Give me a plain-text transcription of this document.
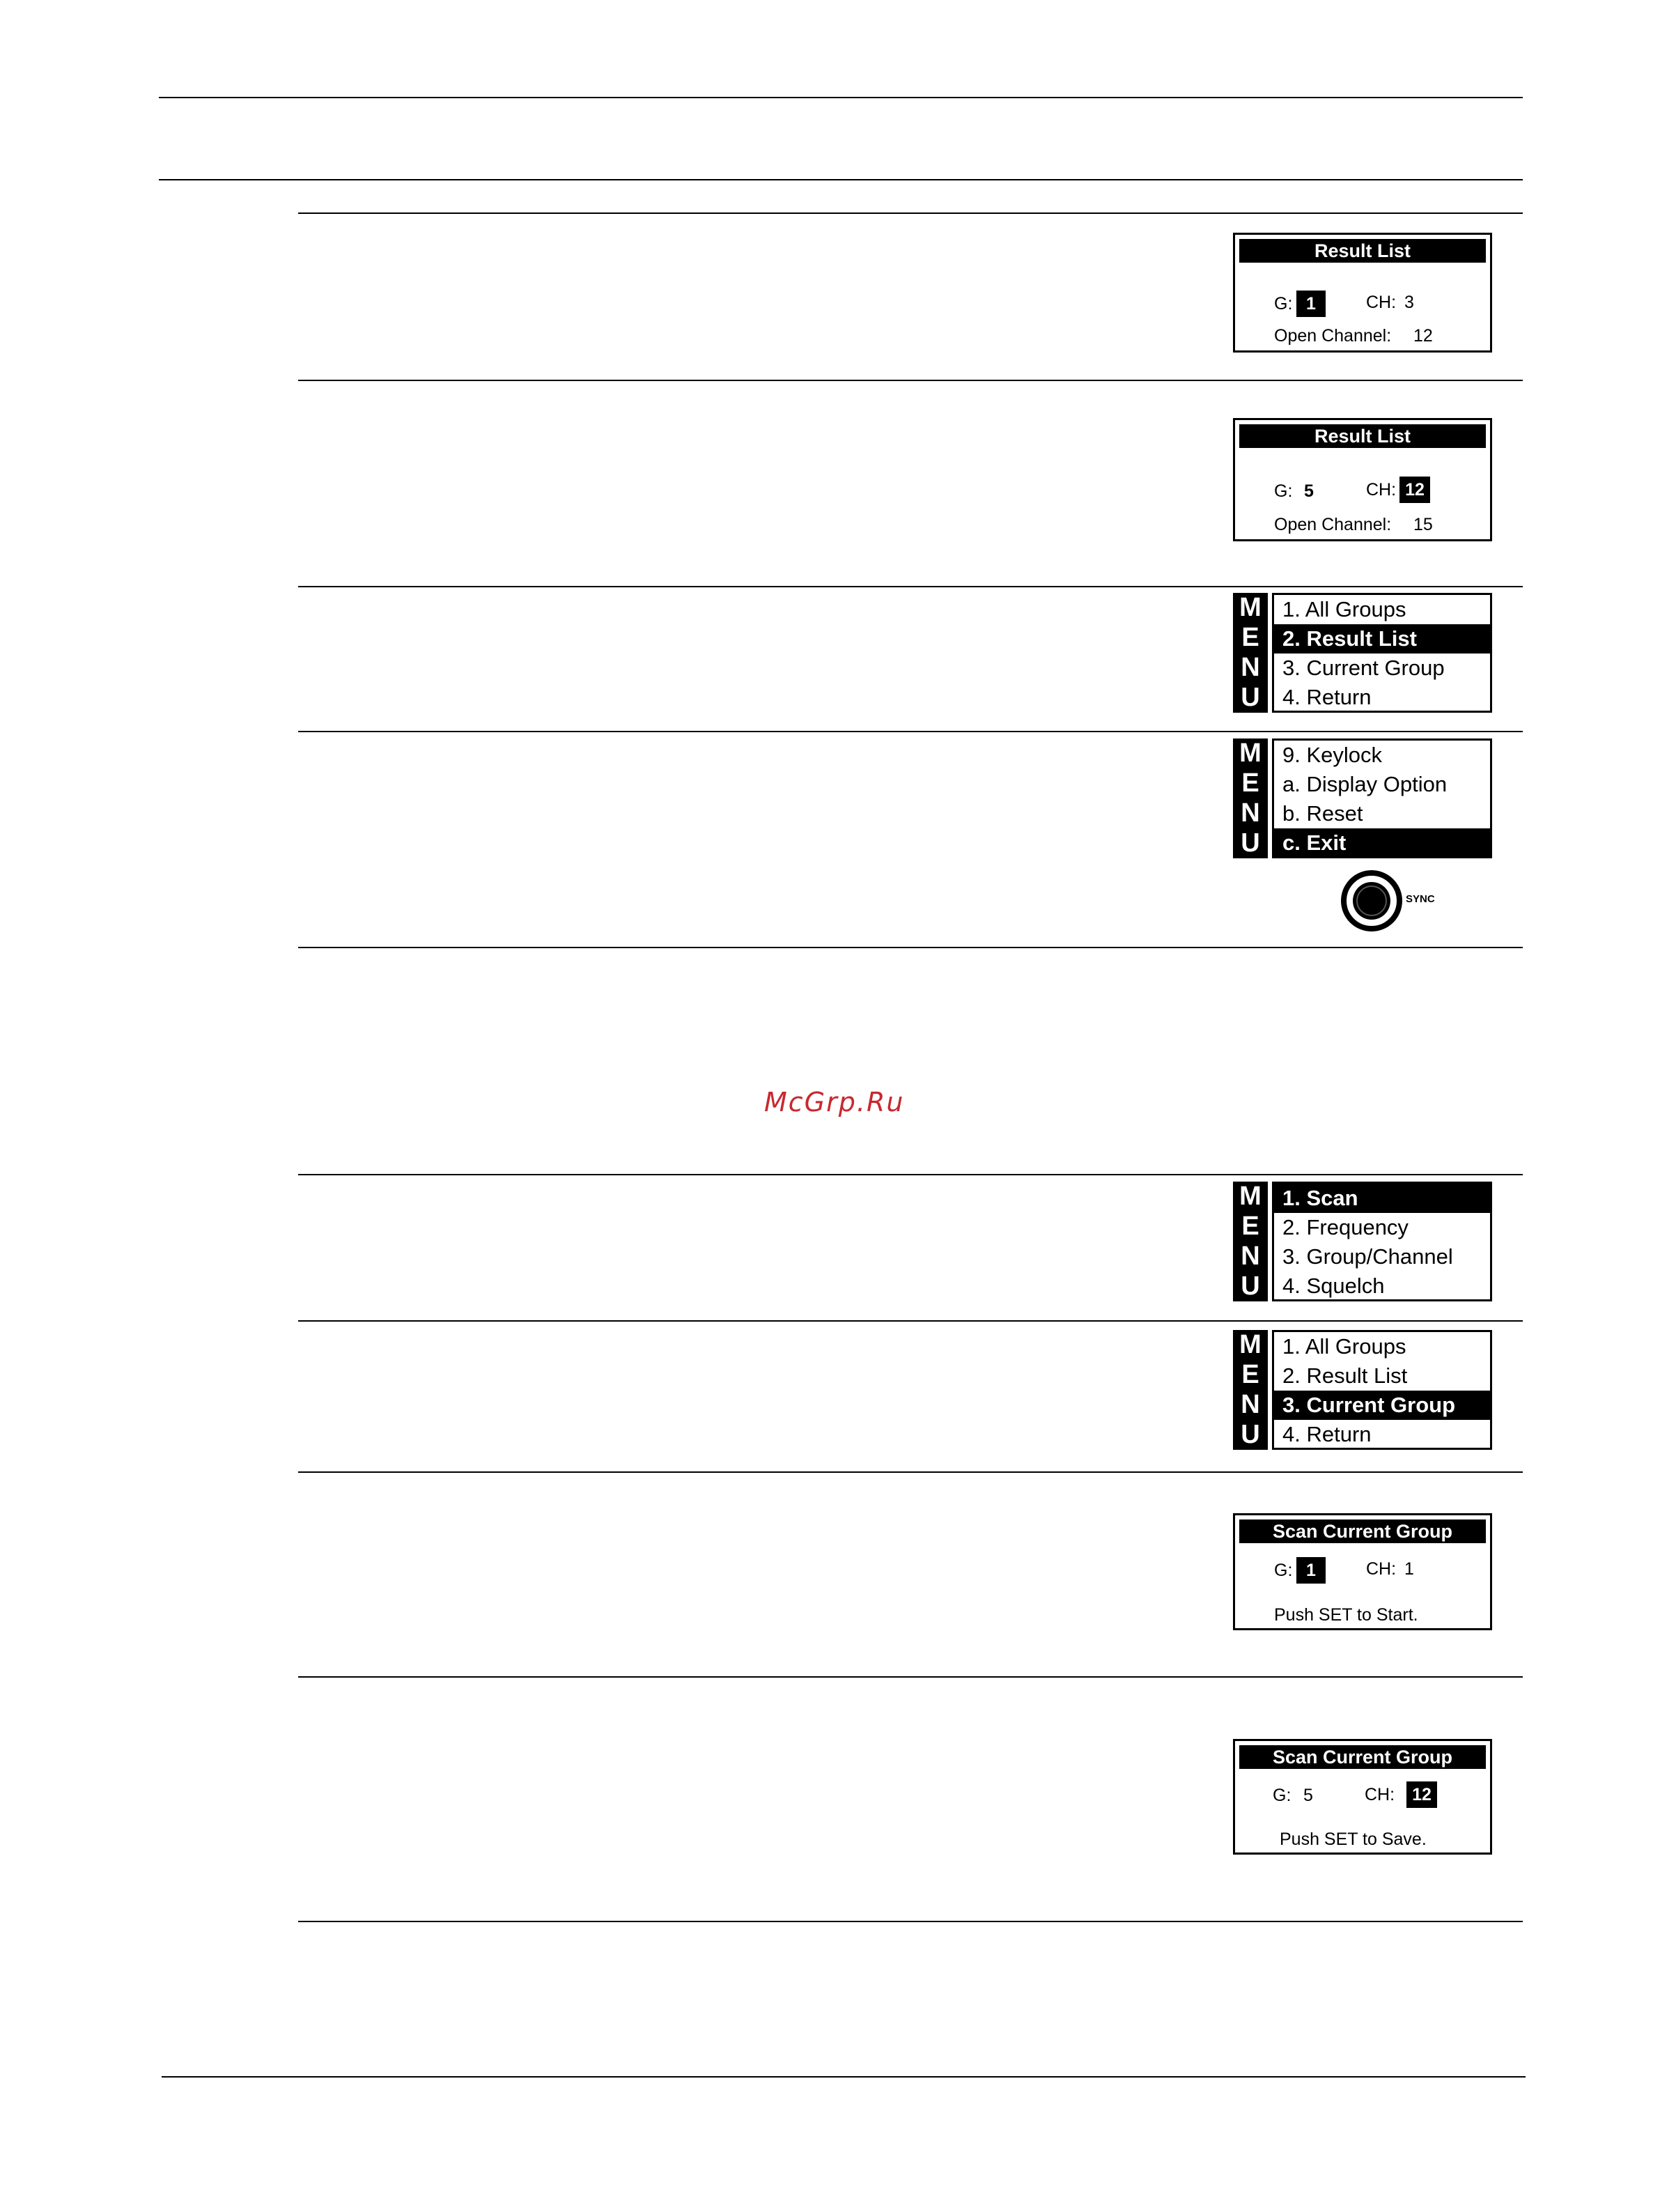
McGrp.Ru
Result List
G: 1	CH: 3
Open Channel: 12
Result List
G: 5	CH: 12
Open Channel: 15
M
E
N
U
1. All Groups
2. Result List
3. Current Group
4. Return
M
E
N
U
9. Keylock
a. Display Option
b. Reset
c. Exit
SYNC
M
E
N
U
1. Scan
2. Frequency
3. Group/Channel
4. Squelch
M
E
N
U
1. All Groups
2. Result List
3. Current Group
4. Return
Scan Current Group
G: 1	CH: 1
Push SET to Start.
Scan Current Group
G: 5	CH:	12
Push SET to Save.
